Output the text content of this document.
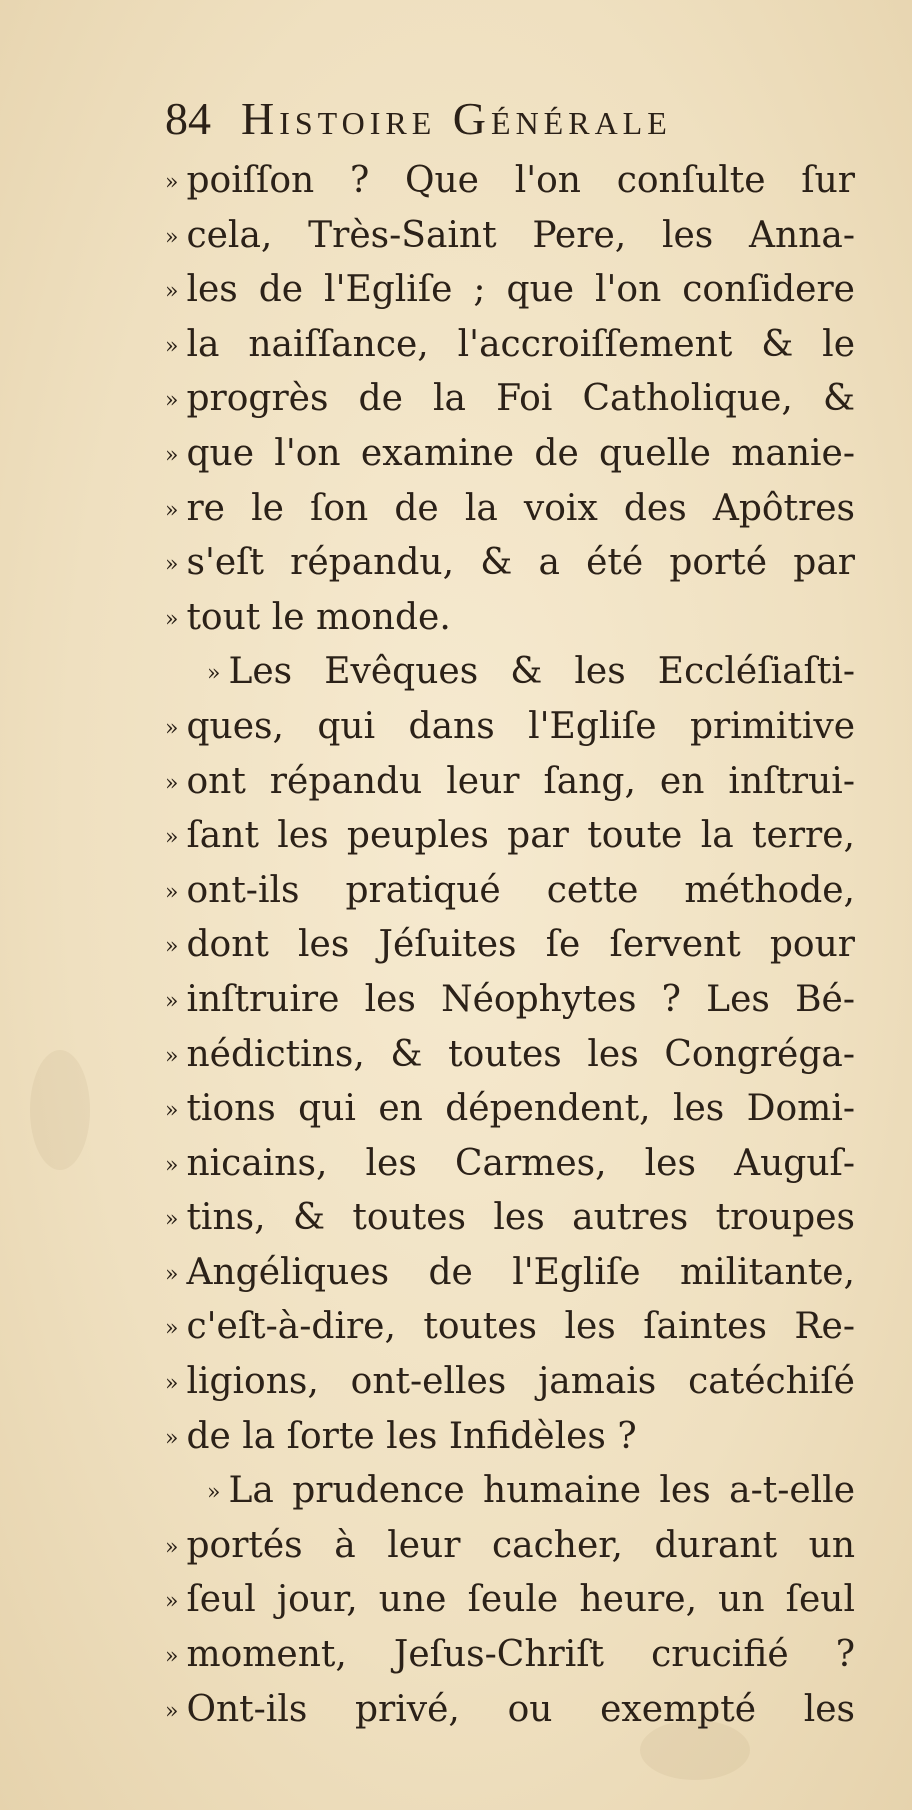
84 Histoire Générale
» poiſſon ? Que l'on conſulte ſur
» cela, Très-Saint Pere, les Anna-
» les de l'Egliſe ; que l'on conſidere
» la naiſſance, l'accroiſſement & le
» progrès de la Foi Catholique, &
» que l'on examine de quelle manie-
» re le ſon de la voix des Apôtres
» s'eſt répandu, & a été porté par
» tout le monde.
» Les Evêques & les Eccléſiaſti-
» ques, qui dans l'Egliſe primitive
» ont répandu leur ſang, en inſtrui-
» ſant les peuples par toute la terre,
» ont-ils pratiqué cette méthode,
» dont les Jéſuites ſe ſervent pour
» inſtruire les Néophytes ? Les Bé-
» nédictins, & toutes les Congréga-
» tions qui en dépendent, les Domi-
» nicains, les Carmes, les Auguſ-
» tins, & toutes les autres troupes
» Angéliques de l'Egliſe militante,
» c'eſt-à-dire, toutes les ſaintes Re-
» ligions, ont-elles jamais catéchiſé
» de la ſorte les Infidèles ?
» La prudence humaine les a-t-elle
» portés à leur cacher, durant un
» ſeul jour, une ſeule heure, un ſeul
» moment, Jeſus-Chriſt crucifié ?
» Ont-ils privé, ou exempté les
